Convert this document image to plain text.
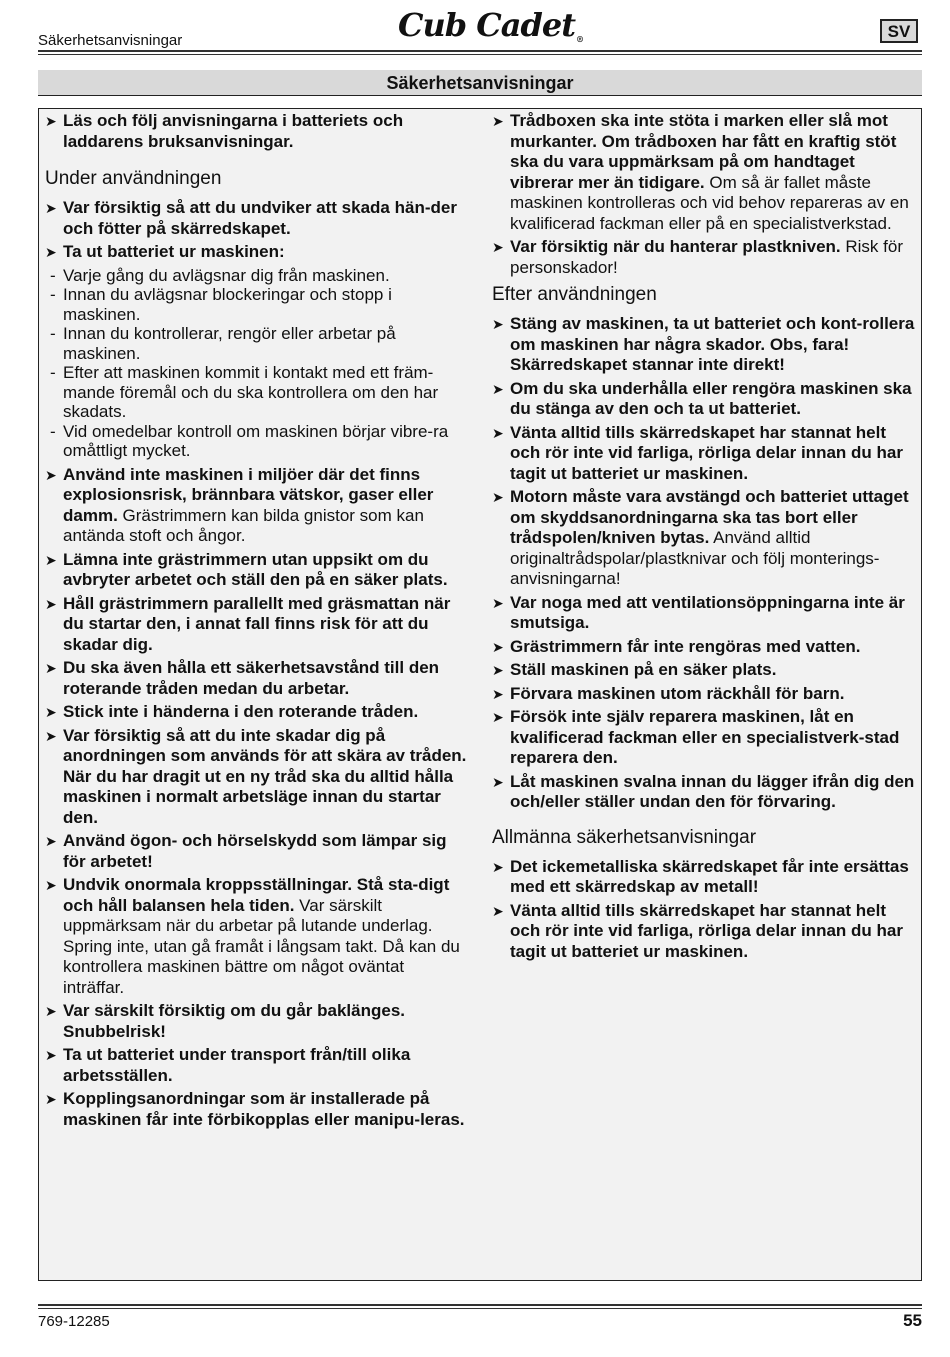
Säkerhetsanvisningar	Cub Cadet®	SV
Säkerhetsanvisningar
➤ Läs och följ anvisningarna i batteriets och laddarens bruksanvisningar.
Under användningen
➤ Var försiktig så att du undviker att skada hän-der och fötter på skärredskapet.
➤ Ta ut batteriet ur maskinen:
- Varje gång du avlägsnar dig från maskinen.
- Innan du avlägsnar blockeringar och stopp i maskinen.
- Innan du kontrollerar, rengör eller arbetar på maskinen.
- Efter att maskinen kommit i kontakt med ett främ-mande föremål och du ska kontrollera om den har skadats.
- Vid omedelbar kontroll om maskinen börjar vibre-ra omåttligt mycket.
➤ Använd inte maskinen i miljöer där det finns explosionsrisk, brännbara vätskor, gaser eller damm. Grästrimmern kan bilda gnistor som kan antända stoft och ångor.
➤ Lämna inte grästrimmern utan uppsikt om du avbryter arbetet och ställ den på en säker plats.
➤ Håll grästrimmern parallellt med gräsmattan när du startar den, i annat fall finns risk för att du skadar dig.
➤ Du ska även hålla ett säkerhetsavstånd till den roterande tråden medan du arbetar.
➤ Stick inte i händerna i den roterande tråden.
➤ Var försiktig så att du inte skadar dig på anordningen som används för att skära av tråden. När du har dragit ut en ny tråd ska du alltid hålla maskinen i normalt arbetsläge innan du startar den.
➤ Använd ögon- och hörselskydd som lämpar sig för arbetet!
➤ Undvik onormala kroppsställningar. Stå sta-digt och håll balansen hela tiden. Var särskilt uppmärksam när du arbetar på lutande underlag. Spring inte, utan gå framåt i långsam takt. Då kan du kontrollera maskinen bättre om något oväntat inträffar.
➤ Var särskilt försiktig om du går baklänges. Snubbelrisk!
➤ Ta ut batteriet under transport från/till olika arbetsställen.
➤ Kopplingsanordningar som är installerade på maskinen får inte förbikopplas eller manipu-leras.
➤ Trådboxen ska inte stöta i marken eller slå mot murkanter. Om trådboxen har fått en kraftig stöt ska du vara uppmärksam på om handtaget vibrerar mer än tidigare. Om så är fallet måste maskinen kontrolleras och vid behov repareras av en kvalificerad fackman eller på en specialistverkstad.
➤ Var försiktig när du hanterar plastkniven. Risk för personskador!
Efter användningen
➤ Stäng av maskinen, ta ut batteriet och kont-rollera om maskinen har några skador. Obs, fara! Skärredskapet stannar inte direkt!
➤ Om du ska underhålla eller rengöra maskinen ska du stänga av den och ta ut batteriet.
➤ Vänta alltid tills skärredskapet har stannat helt och rör inte vid farliga, rörliga delar innan du har tagit ut batteriet ur maskinen.
➤ Motorn måste vara avstängd och batteriet uttaget om skyddsanordningarna ska tas bort eller trådspolen/kniven bytas. Använd alltid originaltrådspolar/plastknivar och följ monterings-anvisningarna!
➤ Var noga med att ventilationsöppningarna inte är smutsiga.
➤ Grästrimmern får inte rengöras med vatten.
➤ Ställ maskinen på en säker plats.
➤ Förvara maskinen utom räckhåll för barn.
➤ Försök inte själv reparera maskinen, låt en kvalificerad fackman eller en specialistverk-stad reparera den.
➤ Låt maskinen svalna innan du lägger ifrån dig den och/eller ställer undan den för förvaring.
Allmänna säkerhetsanvisningar
➤ Det ickemetalliska skärredskapet får inte ersättas med ett skärredskap av metall!
➤ Vänta alltid tills skärredskapet har stannat helt och rör inte vid farliga, rörliga delar innan du har tagit ut batteriet ur maskinen.
769-12285	55
